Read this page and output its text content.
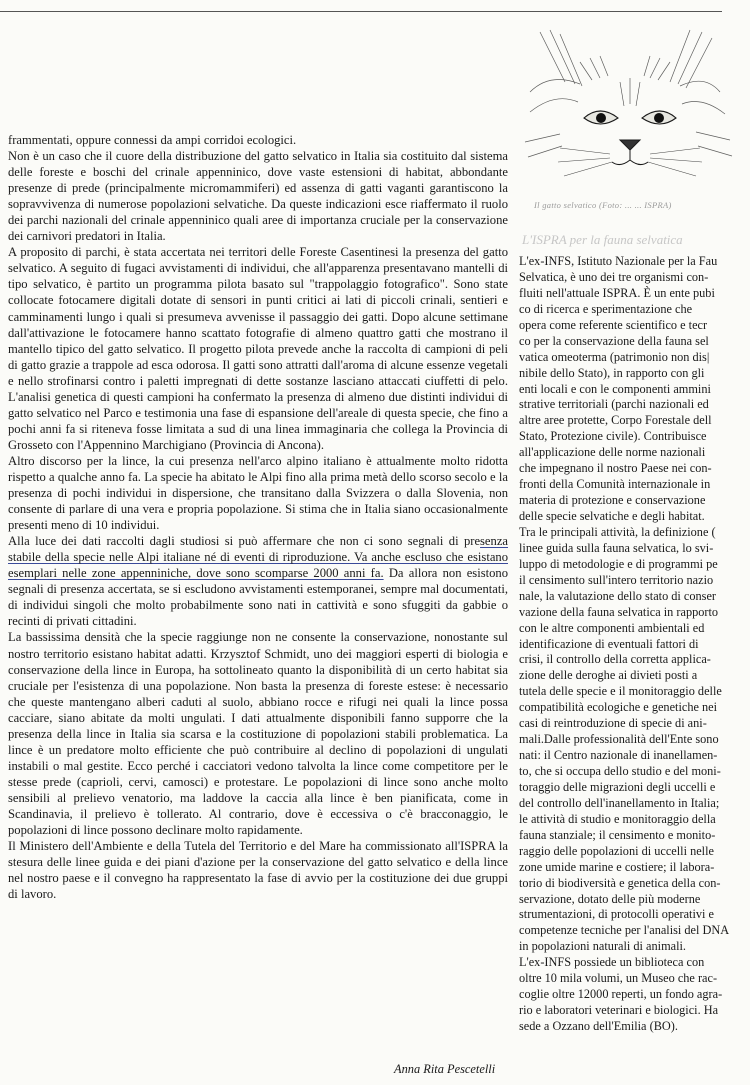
frammentati, oppure connessi da ampi corridoi ecologici.

Non è un caso che il cuore della distribuzione del gatto selvatico in Italia sia costituito dal sistema delle foreste e boschi del crinale appenninico, dove vaste estensioni di habitat, abbondante presenze di prede (principalmente micromammiferi) ed assenza di gatti vaganti garantiscono la sopravvivenza di numerose popolazioni selvatiche. Da queste indicazioni esce riaffermato il ruolo dei parchi nazionali del crinale appenninico quali aree di importanza cruciale per la conservazione dei carnivori predatori in Italia.

A proposito di parchi, è stata accertata nei territori delle Foreste Casentinesi la presenza del gatto selvatico. A seguito di fugaci avvistamenti di individui, che all'apparenza presentavano mantelli di tipo selvatico, è partito un programma pilota basato sul "trappolaggio fotografico". Sono state collocate fotocamere digitali dotate di sensori in punti critici ai lati di piccoli crinali, sentieri e camminamenti lungo i quali si presumeva avvenisse il passaggio dei gatti. Dopo alcune settimane dall'attivazione le fotocamere hanno scattato fotografie di almeno quattro gatti che mostrano il mantello tipico del gatto selvatico. Il progetto pilota prevede anche la raccolta di campioni di peli di gatto grazie a trappole ad esca odorosa. Il gatti sono attratti dall'aroma di alcune essenze vegetali e nello strofinarsi contro i paletti impregnati di dette sostanze lasciano attaccati ciuffetti di pelo. L'analisi genetica di questi campioni ha confermato la presenza di almeno due distinti individui di gatto selvatico nel Parco e testimonia una fase di espansione dell'areale di questa specie, che fino a pochi anni fa si riteneva fosse limitata a sud di una linea immaginaria che collega la Provincia di Grosseto con l'Appennino Marchigiano (Provincia di Ancona).

Altro discorso per la lince, la cui presenza nell'arco alpino italiano è attualmente molto ridotta rispetto a qualche anno fa. La specie ha abitato le Alpi fino alla prima metà dello scorso secolo e la presenza di pochi individui in dispersione, che transitano dalla Svizzera o dalla Slovenia, non consente di parlare di una vera e propria popolazione. Si stima che in Italia siano occasionalmente presenti meno di 10 individui.

Alla luce dei dati raccolti dagli studiosi si può affermare che non ci sono segnali di presenza stabile della specie nelle Alpi italiane né di eventi di riproduzione. Va anche escluso che esistano esemplari nelle zone appenniniche, dove sono scomparse 2000 anni fa. Da allora non esistono segnali di presenza accertata, se si escludono avvistamenti estemporanei, sempre mal documentati, di individui singoli che molto probabilmente sono nati in cattività e sono sfuggiti da gabbie o recinti di privati cittadini.

La bassissima densità che la specie raggiunge non ne consente la conservazione, nonostante sul nostro territorio esistano habitat adatti. Krzysztof Schmidt, uno dei maggiori esperti di biologia e conservazione della lince in Europa, ha sottolineato quanto la disponibilità di un certo habitat sia cruciale per l'esistenza di una popolazione. Non basta la presenza di foreste estese: è necessario che queste mantengano alberi caduti al suolo, abbiano rocce e rifugi nei quali la lince possa cacciare, siano abitate da molti ungulati. I dati attualmente disponibili fanno supporre che la presenza della lince in Italia sia scarsa e la costituzione di popolazioni stabili problematica. La lince è un predatore molto efficiente che può contribuire al declino di popolazioni di ungulati instabili o mal gestite. Ecco perché i cacciatori vedono talvolta la lince come competitore per le stesse prede (caprioli, cervi, camosci) e protestare. Le popolazioni di lince sono anche molto sensibili al prelievo venatorio, ma laddove la caccia alla lince è ben pianificata, come in Scandinavia, il prelievo è tollerato. Al contrario, dove è eccessiva o c'è bracconaggio, le popolazioni di lince possono declinare molto rapidamente.

Il Ministero dell'Ambiente e della Tutela del Territorio e del Mare ha commissionato all'ISPRA la stesura delle linee guida e dei piani d'azione per la conservazione del gatto selvatico e della lince nel nostro paese e il convegno ha rappresentato la fase di avvio per la costituzione dei due gruppi di lavoro.

Anna Rita Pescetelli
Il gatto selvatico (Foto: ... ... ISPRA)
L'ISPRA per la fauna selvatica
L'ex-INFS, Istituto Nazionale per la Fau
Selvatica, è uno dei tre organismi con-
fluiti nell'attuale ISPRA. È un ente pubi
co di ricerca e sperimentazione che
opera come referente scientifico e tecr
co per la conservazione della fauna sel
vatica omeoterma (patrimonio non dis|
nibile dello Stato), in rapporto con gli
enti locali e con le componenti ammini
strative territoriali (parchi nazionali ed
altre aree protette, Corpo Forestale dell
Stato, Protezione civile). Contribuisce
all'applicazione delle norme nazionali
che impegnano il nostro Paese nei con-
fronti della Comunità internazionale in
materia di protezione e conservazione
delle specie selvatiche e degli habitat.
Tra le principali attività, la definizione (
linee guida sulla fauna selvatica, lo svi-
luppo di metodologie e di programmi pe
il censimento sull'intero territorio nazio
nale, la valutazione dello stato di conser
vazione della fauna selvatica in rapporto
con le altre componenti ambientali ed
identificazione di eventuali fattori di
crisi, il controllo della corretta applica-
zione delle deroghe ai divieti posti a
tutela delle specie e il monitoraggio delle
compatibilità ecologiche e genetiche nei
casi di reintroduzione di specie di ani-
mali.Dalle professionalità dell'Ente sono
nati: il Centro nazionale di inanellamen-
to, che si occupa dello studio e del moni-
toraggio delle migrazioni degli uccelli e
del controllo dell'inanellamento in Italia;
le attività di studio e monitoraggio della
fauna stanziale; il censimento e monito-
raggio delle popolazioni di uccelli nelle
zone umide marine e costiere; il labora-
torio di biodiversità e genetica della con-
servazione, dotato delle più moderne
strumentazioni, di protocolli operativi e
competenze tecniche per l'analisi del DNA
in popolazioni naturali di animali.
L'ex-INFS possiede un biblioteca con
oltre 10 mila volumi, un Museo che rac-
coglie oltre 12000 reperti, un fondo agra-
rio e laboratori veterinari e biologici. Ha
sede a Ozzano dell'Emilia (BO).
